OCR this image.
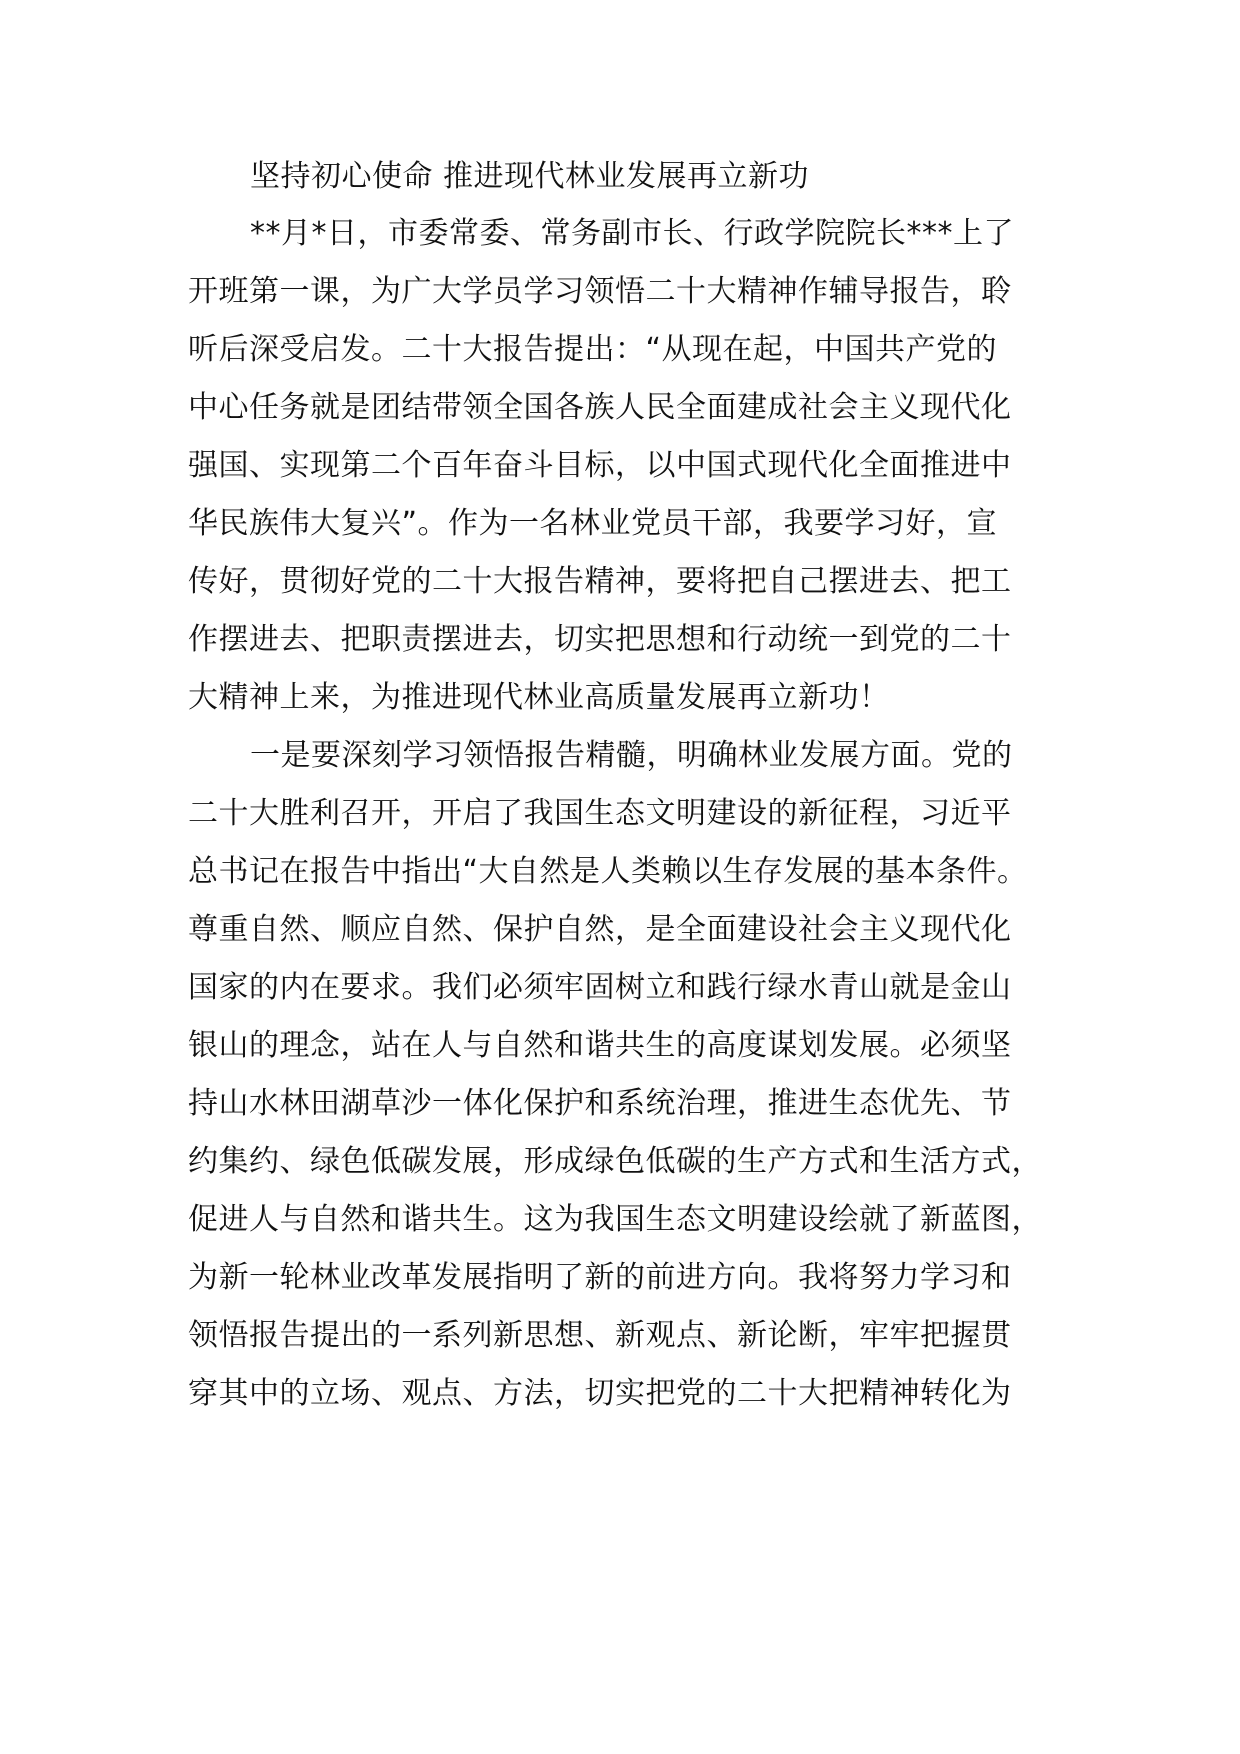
坚持初心使命 推进现代林业发展再立新功

**月*日，市委常委、常务副市长、行政学院院长***上了

开班第一课，为广大学员学习领悟二十大精神作辅导报告，聆

听后深受启发。二十大报告提出：“从现在起，中国共产党的

中心任务就是团结带领全国各族人民全面建成社会主义现代化

强国、实现第二个百年奋斗目标，以中国式现代化全面推进中

华民族伟大复兴”。作为一名林业党员干部，我要学习好，宣

传好，贯彻好党的二十大报告精神，要将把自己摆进去、把工

作摆进去、把职责摆进去，切实把思想和行动统一到党的二十

大精神上来，为推进现代林业高质量发展再立新功！

一是要深刻学习领悟报告精髓，明确林业发展方面。党的

二十大胜利召开，开启了我国生态文明建设的新征程，习近平

总书记在报告中指出“大自然是人类赖以生存发展的基本条件。

尊重自然、顺应自然、保护自然，是全面建设社会主义现代化

国家的内在要求。我们必须牢固树立和践行绿水青山就是金山

银山的理念，站在人与自然和谐共生的高度谋划发展。必须坚

持山水林田湖草沙一体化保护和系统治理，推进生态优先、节

约集约、绿色低碳发展，形成绿色低碳的生产方式和生活方式，

促进人与自然和谐共生。这为我国生态文明建设绘就了新蓝图，

为新一轮林业改革发展指明了新的前进方向。我将努力学习和

领悟报告提出的一系列新思想、新观点、新论断，牢牢把握贯

穿其中的立场、观点、方法，切实把党的二十大把精神转化为
